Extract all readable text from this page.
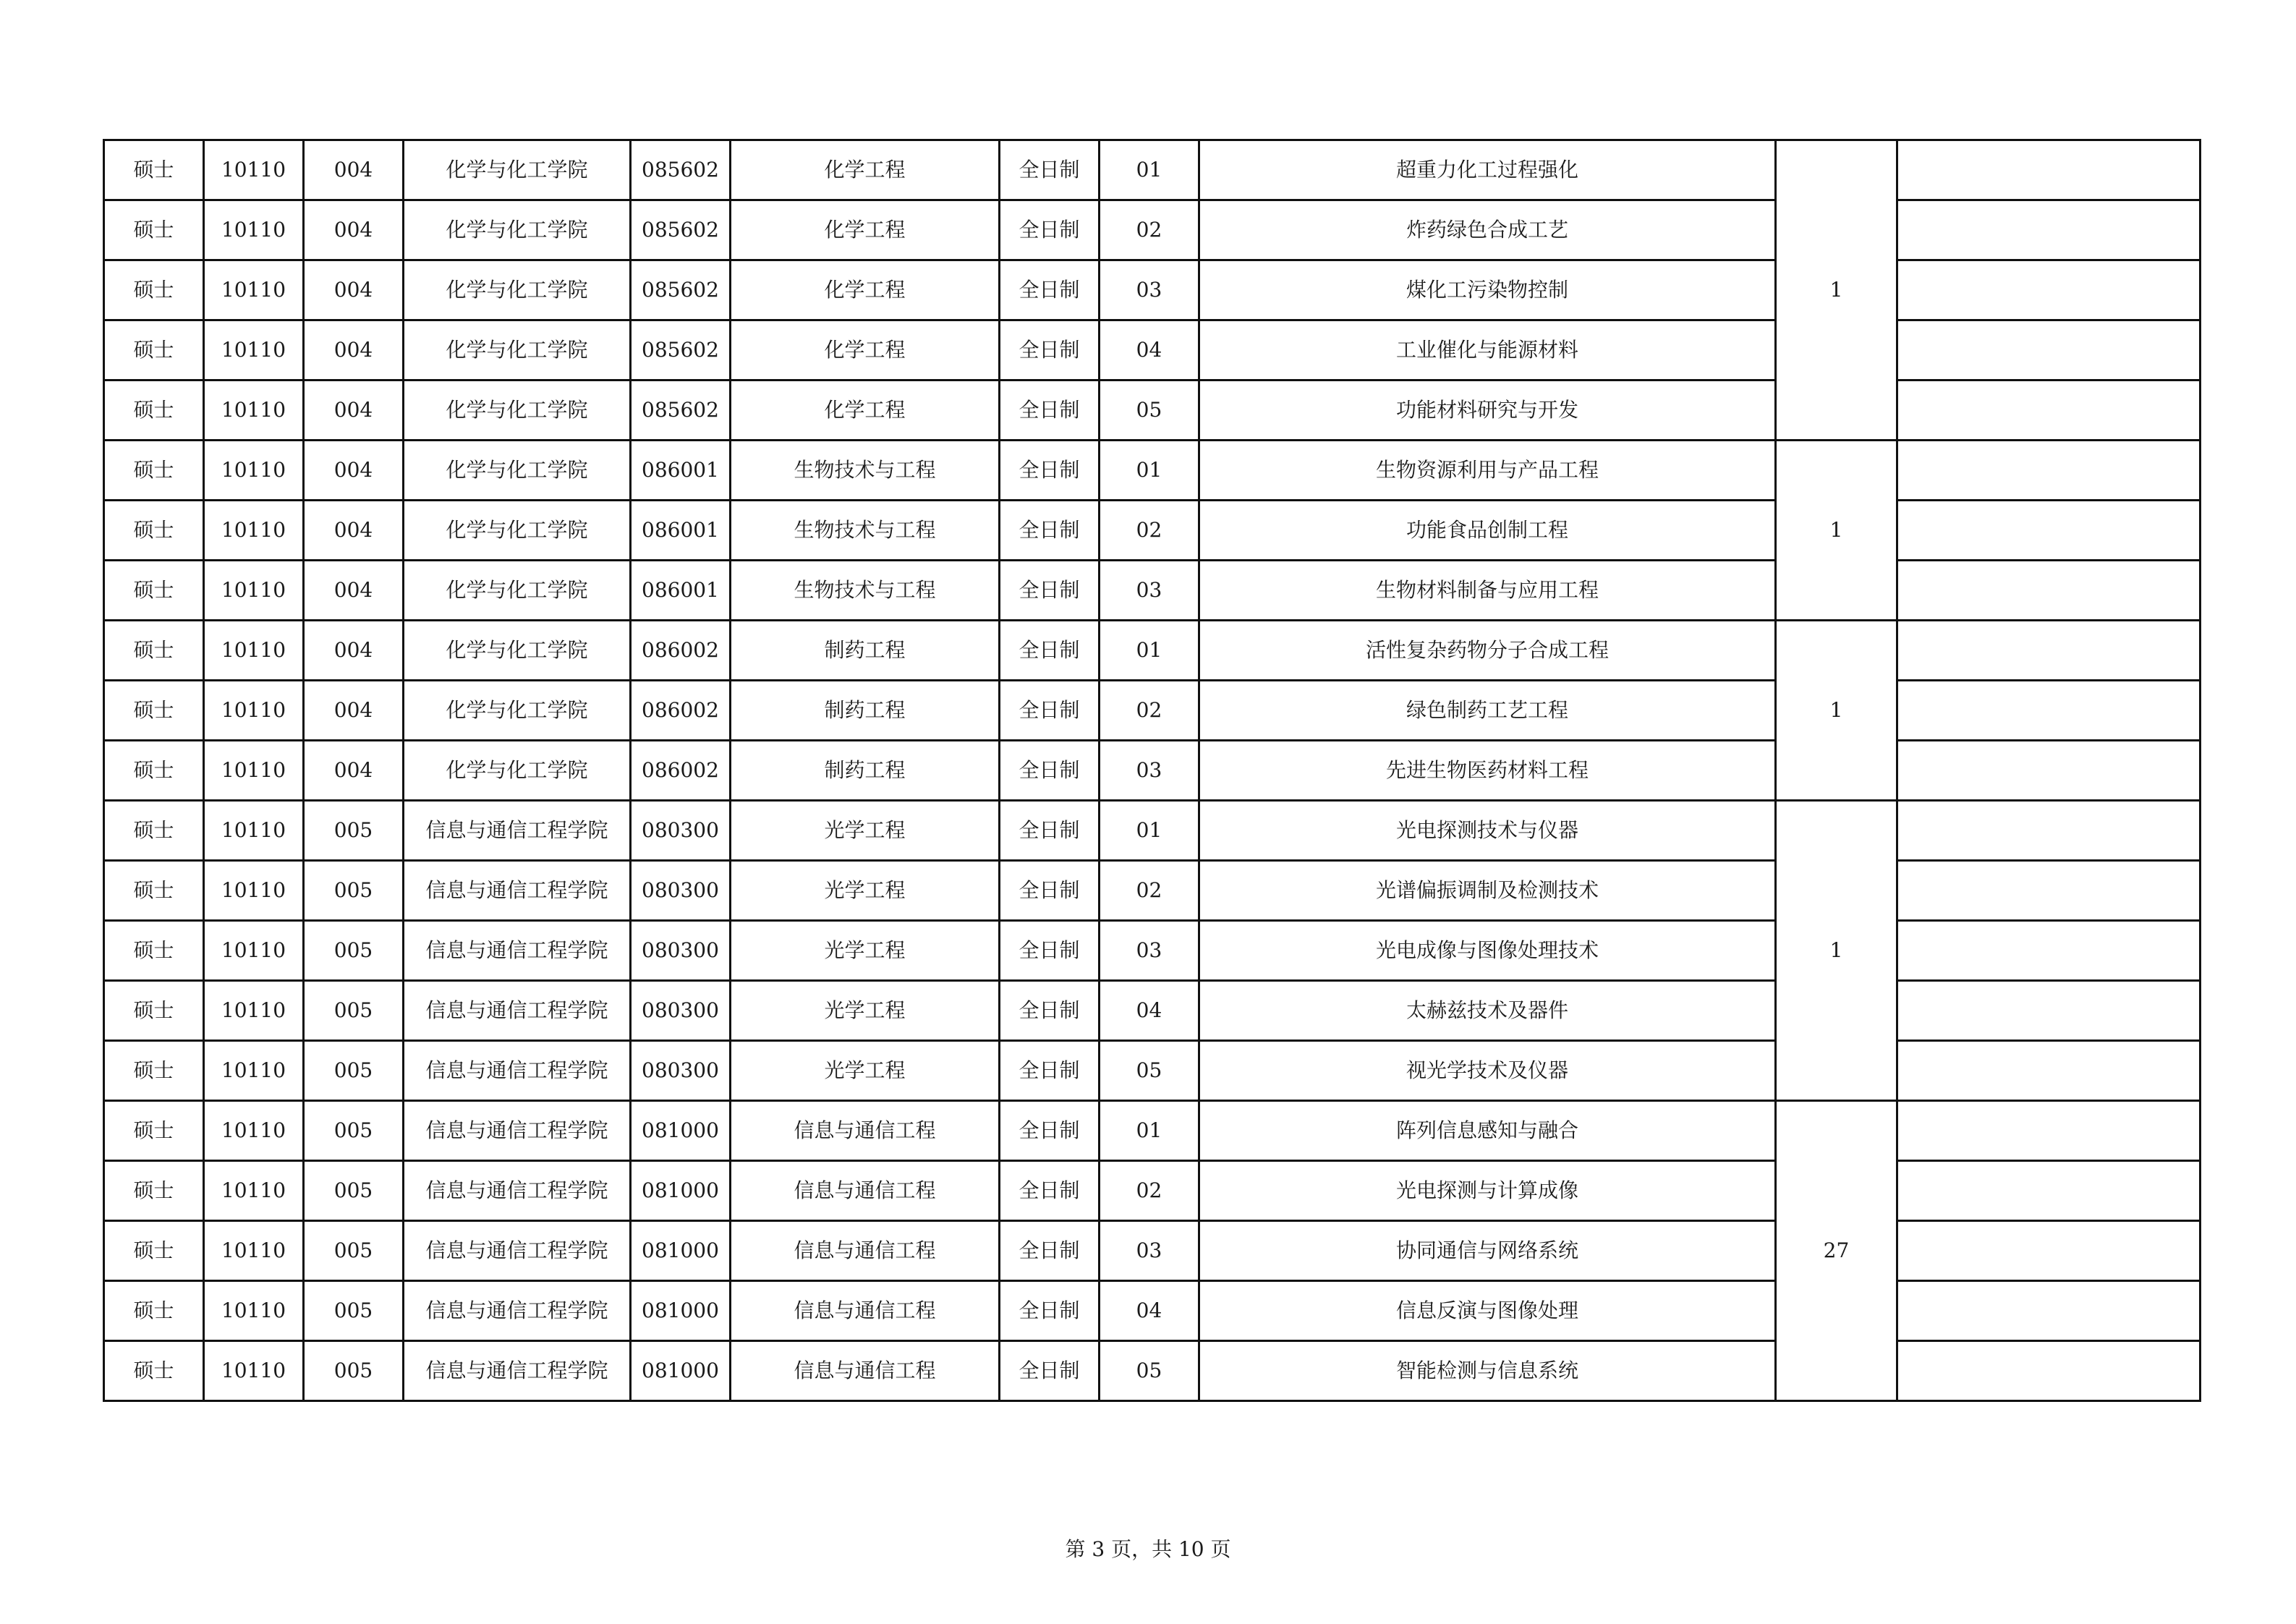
硕士	10110	004	化学与化工学院	085602	化学工程	全日制	01	超重力化工过程强化	1	
硕士	10110	004	化学与化工学院	085602	化学工程	全日制	02	炸药绿色合成工艺		
硕士	10110	004	化学与化工学院	085602	化学工程	全日制	03	煤化工污染物控制		
硕士	10110	004	化学与化工学院	085602	化学工程	全日制	04	工业催化与能源材料		
硕士	10110	004	化学与化工学院	085602	化学工程	全日制	05	功能材料研究与开发		
硕士	10110	004	化学与化工学院	086001	生物技术与工程	全日制	01	生物资源利用与产品工程	1	
硕士	10110	004	化学与化工学院	086001	生物技术与工程	全日制	02	功能食品创制工程		
硕士	10110	004	化学与化工学院	086001	生物技术与工程	全日制	03	生物材料制备与应用工程		
硕士	10110	004	化学与化工学院	086002	制药工程	全日制	01	活性复杂药物分子合成工程	1	
硕士	10110	004	化学与化工学院	086002	制药工程	全日制	02	绿色制药工艺工程		
硕士	10110	004	化学与化工学院	086002	制药工程	全日制	03	先进生物医药材料工程		
硕士	10110	005	信息与通信工程学院	080300	光学工程	全日制	01	光电探测技术与仪器	1	
硕士	10110	005	信息与通信工程学院	080300	光学工程	全日制	02	光谱偏振调制及检测技术		
硕士	10110	005	信息与通信工程学院	080300	光学工程	全日制	03	光电成像与图像处理技术		
硕士	10110	005	信息与通信工程学院	080300	光学工程	全日制	04	太赫兹技术及器件		
硕士	10110	005	信息与通信工程学院	080300	光学工程	全日制	05	视光学技术及仪器		
硕士	10110	005	信息与通信工程学院	081000	信息与通信工程	全日制	01	阵列信息感知与融合	27	
硕士	10110	005	信息与通信工程学院	081000	信息与通信工程	全日制	02	光电探测与计算成像		
硕士	10110	005	信息与通信工程学院	081000	信息与通信工程	全日制	03	协同通信与网络系统		
硕士	10110	005	信息与通信工程学院	081000	信息与通信工程	全日制	04	信息反演与图像处理		
硕士	10110	005	信息与通信工程学院	081000	信息与通信工程	全日制	05	智能检测与信息系统		
第 3 页，共 10 页
